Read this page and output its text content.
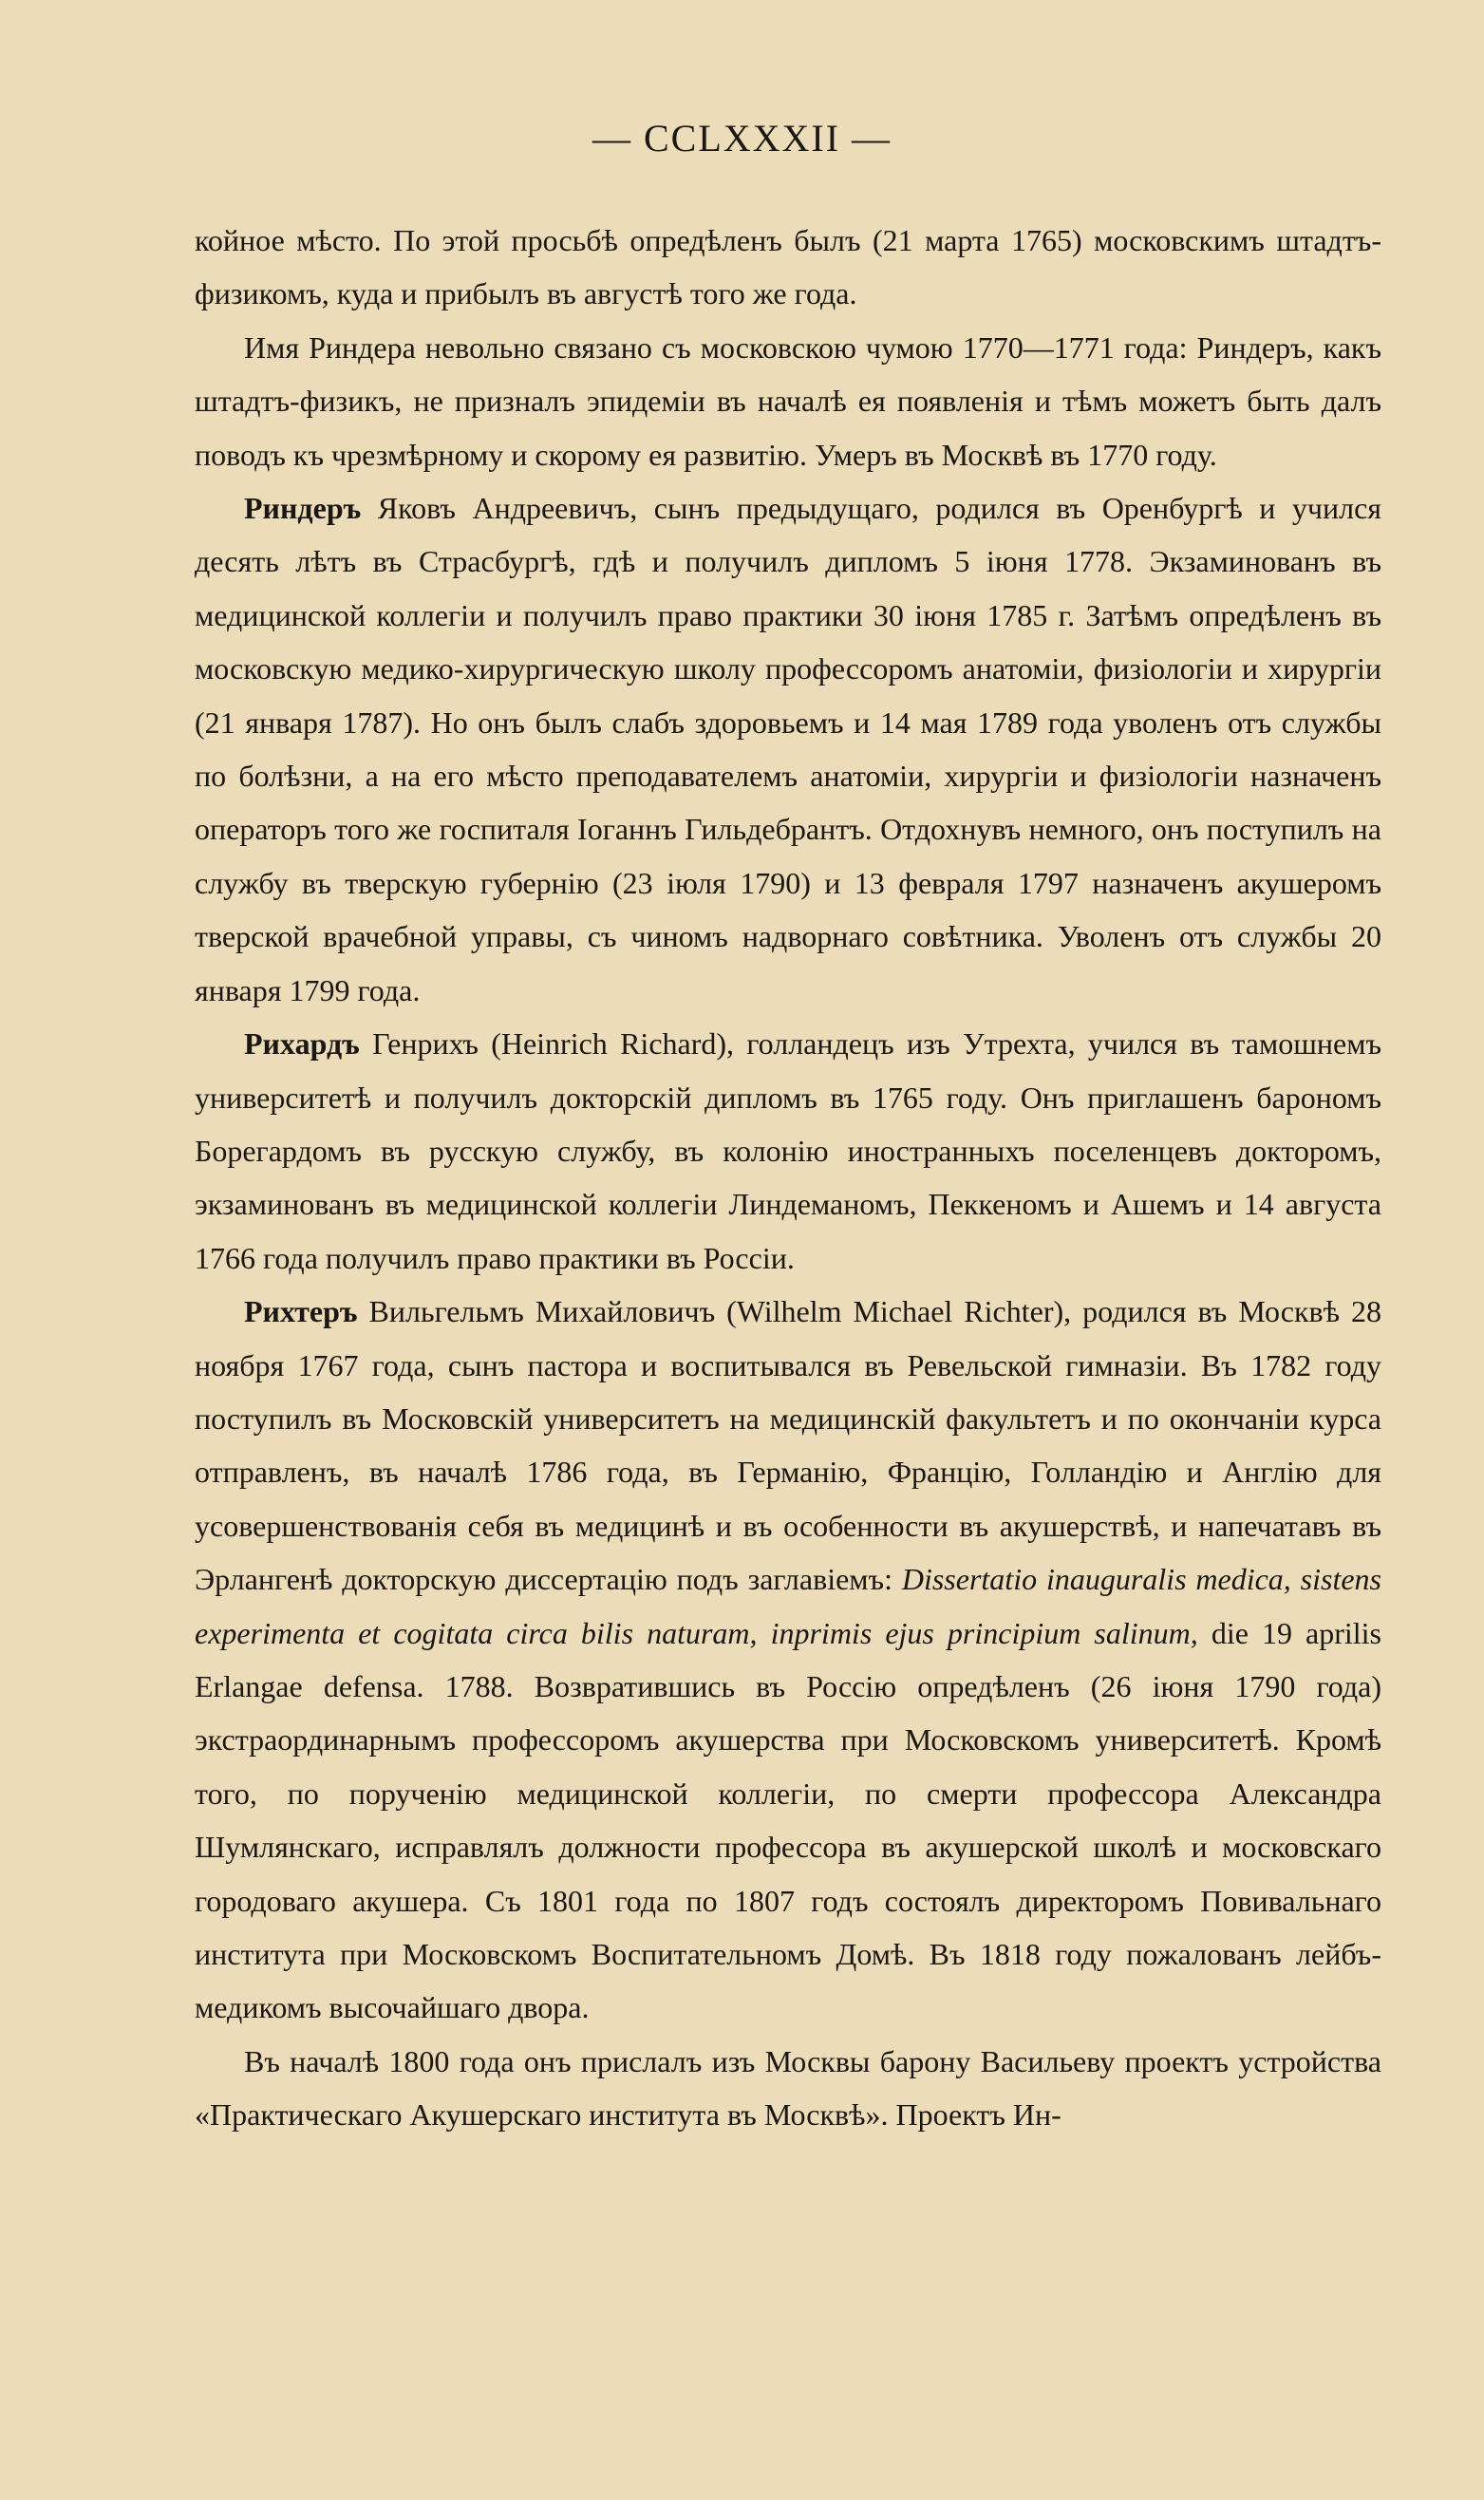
— CCLXXXII —

койное мѣсто. По этой просьбѣ опредѣленъ былъ (21 марта 1765) московскимъ штадтъ-физикомъ, куда и прибылъ въ августѣ того же года.

Имя Риндера невольно связано съ московскою чумою 1770—1771 года: Риндеръ, какъ штадтъ-физикъ, не призналъ эпидеміи въ началѣ ея появленія и тѣмъ можетъ быть далъ поводъ къ чрезмѣрному и скорому ея развитію. Умеръ въ Москвѣ въ 1770 году.

Риндеръ Яковъ Андреевичъ, сынъ предыдущаго, родился въ Оренбургѣ и учился десять лѣтъ въ Страсбургѣ, гдѣ и получилъ дипломъ 5 іюня 1778. Экзаминованъ въ медицинской коллегіи и получилъ право практики 30 іюня 1785 г. Затѣмъ опредѣленъ въ московскую медико-хирургическую школу профессоромъ анатоміи, физіологіи и хирургіи (21 января 1787). Но онъ былъ слабъ здоровьемъ и 14 мая 1789 года уволенъ отъ службы по болѣзни, а на его мѣсто преподавателемъ анатоміи, хирургіи и физіологіи назначенъ операторъ того же госпиталя Іоганнъ Гильдебрантъ. Отдохнувъ немного, онъ поступилъ на службу въ тверскую губернію (23 іюля 1790) и 13 февраля 1797 назначенъ акушеромъ тверской врачебной управы, съ чиномъ надворнаго совѣтника. Уволенъ отъ службы 20 января 1799 года.

Рихардъ Генрихъ (Heinrich Richard), голландецъ изъ Утрехта, учился въ тамошнемъ университетѣ и получилъ докторскій дипломъ въ 1765 году. Онъ приглашенъ барономъ Борегардомъ въ русскую службу, въ колонію иностранныхъ поселенцевъ докторомъ, экзаминованъ въ медицинской коллегіи Линдеманомъ, Пеккеномъ и Ашемъ и 14 августа 1766 года получилъ право практики въ Россіи.

Рихтеръ Вильгельмъ Михайловичъ (Wilhelm Michael Richter), родился въ Москвѣ 28 ноября 1767 года, сынъ пастора и воспитывался въ Ревельской гимназіи. Въ 1782 году поступилъ въ Московскій университетъ на медицинскій факультетъ и по окончаніи курса отправленъ, въ началѣ 1786 года, въ Германію, Францію, Голландію и Англію для усовершенствованія себя въ медицинѣ и въ особенности въ акушерствѣ, и напечатавъ въ Эрлангенѣ докторскую диссертацію подъ заглавіемъ: Dissertatio inauguralis medica, sistens experimenta et cogitata circa bilis naturam, inprimis ejus principium salinum, die 19 aprilis Erlangae defensa. 1788. Возвратившись въ Россію опредѣленъ (26 іюня 1790 года) экстраординарнымъ профессоромъ акушерства при Московскомъ университетѣ. Кромѣ того, по порученію медицинской коллегіи, по смерти профессора Александра Шумлянскаго, исправлялъ должности профессора въ акушерской школѣ и московскаго городоваго акушера. Съ 1801 года по 1807 годъ состоялъ директоромъ Повивальнаго института при Московскомъ Воспитательномъ Домѣ. Въ 1818 году пожалованъ лейбъ-медикомъ высочайшаго двора.

Въ началѣ 1800 года онъ прислалъ изъ Москвы барону Васильеву проектъ устройства «Практическаго Акушерскаго института въ Москвѣ». Проектъ Ин-
